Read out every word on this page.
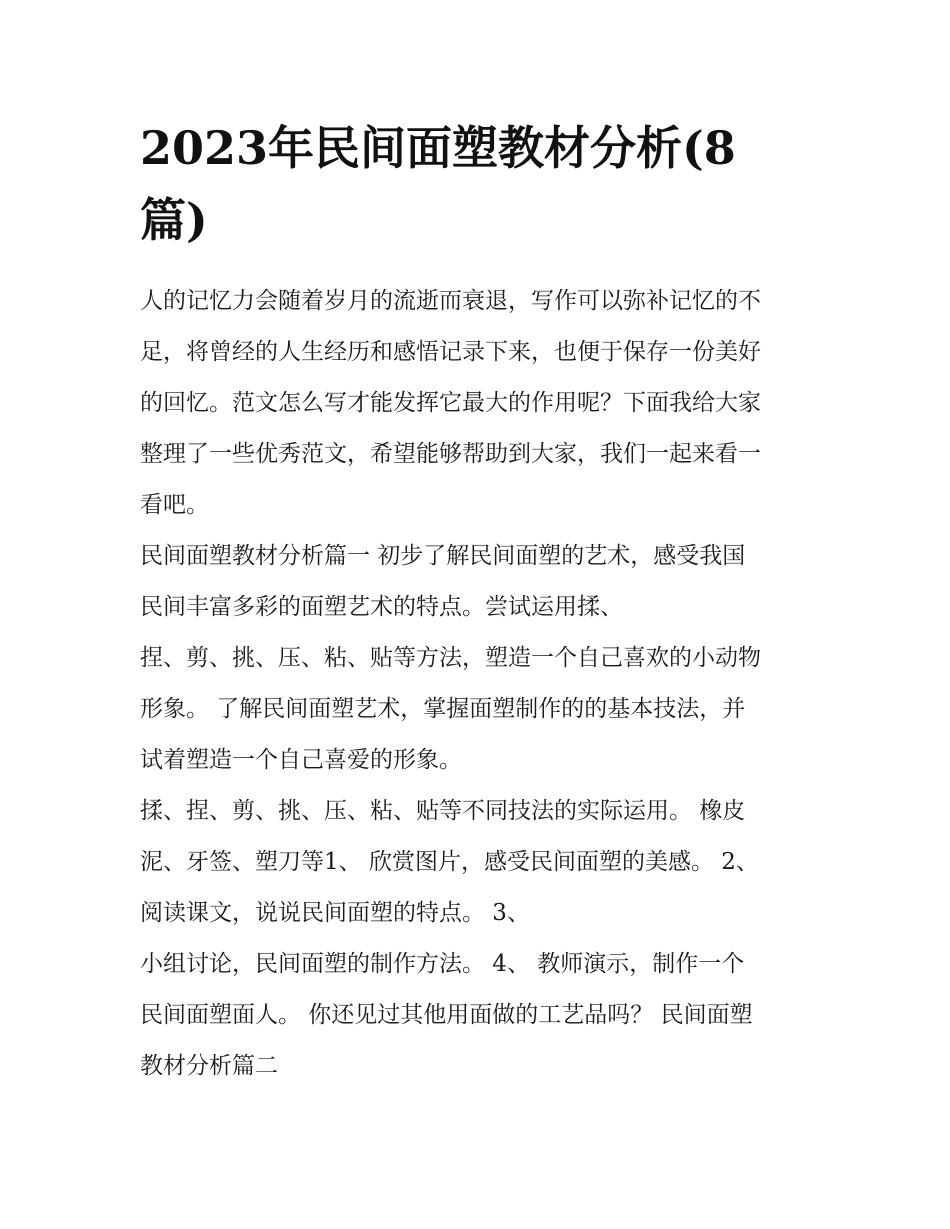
2023年民间面塑教材分析(8
篇)

人的记忆力会随着岁月的流逝而衰退，写作可以弥补记忆的不

足，将曾经的人生经历和感悟记录下来，也便于保存一份美好

的回忆。范文怎么写才能发挥它最大的作用呢？下面我给大家

整理了一些优秀范文，希望能够帮助到大家，我们一起来看一

看吧。

民间面塑教材分析篇一 初步了解民间面塑的艺术，感受我国

民间丰富多彩的面塑艺术的特点。尝试运用揉、

捏、剪、挑、压、粘、贴等方法，塑造一个自己喜欢的小动物

形象。 了解民间面塑艺术，掌握面塑制作的的基本技法，并

试着塑造一个自己喜爱的形象。

揉、捏、剪、挑、压、粘、贴等不同技法的实际运用。 橡皮

泥、牙签、塑刀等1、 欣赏图片，感受民间面塑的美感。 2、

阅读课文，说说民间面塑的特点。 3、

小组讨论，民间面塑的制作方法。 4、 教师演示，制作一个

民间面塑面人。 你还见过其他用面做的工艺品吗？ 民间面塑

教材分析篇二
